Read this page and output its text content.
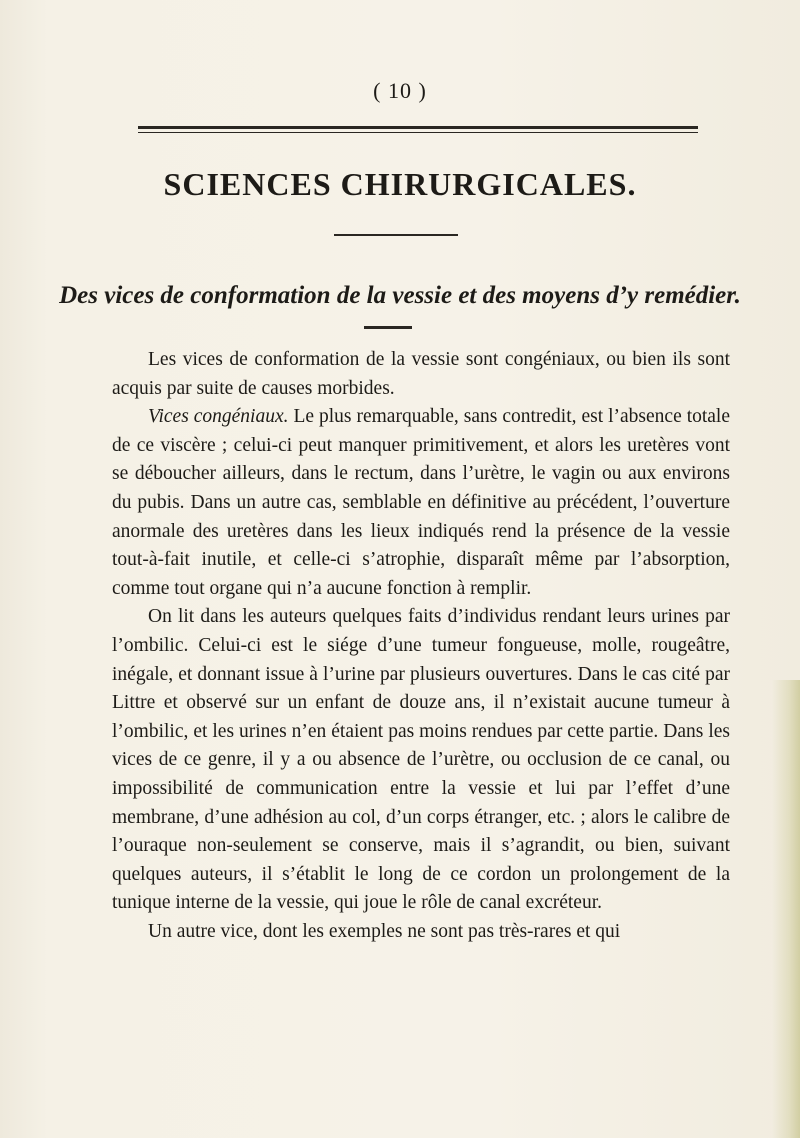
( 10 )
SCIENCES CHIRURGICALES.
Des vices de conformation de la vessie et des moyens d’y remédier.

Les vices de conformation de la vessie sont congéniaux, ou bien ils sont acquis par suite de causes morbides.

Vices congéniaux. Le plus remarquable, sans contredit, est l’absence totale de ce viscère ; celui-ci peut manquer primitivement, et alors les uretères vont se déboucher ailleurs, dans le rectum, dans l’urètre, le vagin ou aux environs du pubis. Dans un autre cas, semblable en définitive au précédent, l’ouverture anormale des uretères dans les lieux indiqués rend la présence de la vessie tout-à-fait inutile, et celle-ci s’atrophie, disparaît même par l’absorption, comme tout organe qui n’a aucune fonction à remplir.

On lit dans les auteurs quelques faits d’individus rendant leurs urines par l’ombilic. Celui-ci est le siége d’une tumeur fongueuse, molle, rougeâtre, inégale, et donnant issue à l’urine par plusieurs ouvertures. Dans le cas cité par Littre et observé sur un enfant de douze ans, il n’existait aucune tumeur à l’ombilic, et les urines n’en étaient pas moins rendues par cette partie. Dans les vices de ce genre, il y a ou absence de l’urètre, ou occlusion de ce canal, ou impossibilité de communication entre la vessie et lui par l’effet d’une membrane, d’une adhésion au col, d’un corps étranger, etc. ; alors le calibre de l’ouraque non-seulement se conserve, mais il s’agrandit, ou bien, suivant quelques auteurs, il s’établit le long de ce cordon un prolongement de la tunique interne de la vessie, qui joue le rôle de canal excréteur.

Un autre vice, dont les exemples ne sont pas très-rares et qui
